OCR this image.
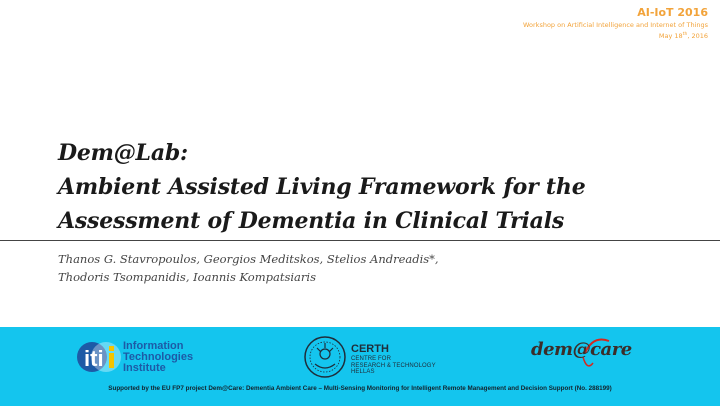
AI-IoT 2016
Workshop on Artificial Intelligence and Internet of Things
May 18th, 2016
Dem@Lab:
Ambient Assisted Living Framework for the
Assessment of Dementia in Clinical Trials
Thanos G. Stavropoulos, Georgios Meditskos, Stelios Andreadis*,
Thodoris Tsompanidis, Ioannis Kompatsiaris
iti
Information
Technologies
Institute
CERTH
CENTRE FOR
RESEARCH & TECHNOLOGY
HELLAS
dem@care
Supported by the EU FP7 project Dem@Care: Dementia Ambient Care – Multi-Sensing Monitoring for Intelligent Remote Management and Decision Support (No. 288199)
